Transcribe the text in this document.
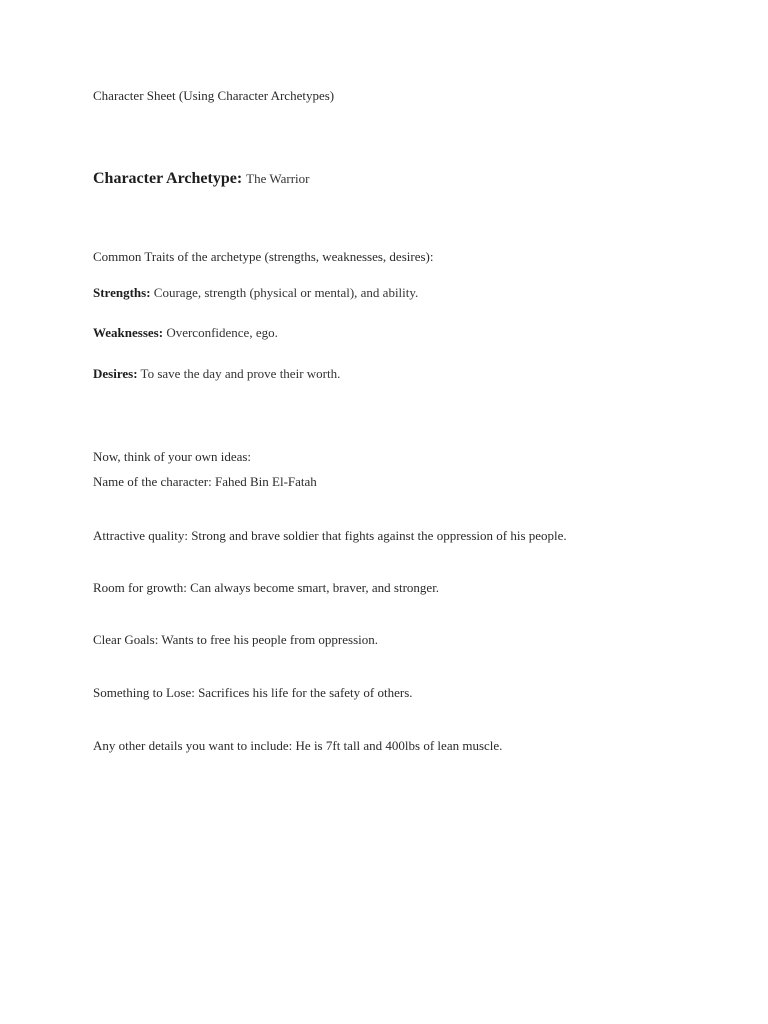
Character Sheet (Using Character Archetypes)
Character Archetype: The Warrior
Common Traits of the archetype (strengths, weaknesses, desires):
Strengths: Courage, strength (physical or mental), and ability.
Weaknesses: Overconfidence, ego.
Desires: To save the day and prove their worth.
Now, think of your own ideas:
Name of the character: Fahed Bin El-Fatah
Attractive quality: Strong and brave soldier that fights against the oppression of his people.
Room for growth: Can always become smart, braver, and stronger.
Clear Goals: Wants to free his people from oppression.
Something to Lose: Sacrifices his life for the safety of others.
Any other details you want to include: He is 7ft tall and 400lbs of lean muscle.
